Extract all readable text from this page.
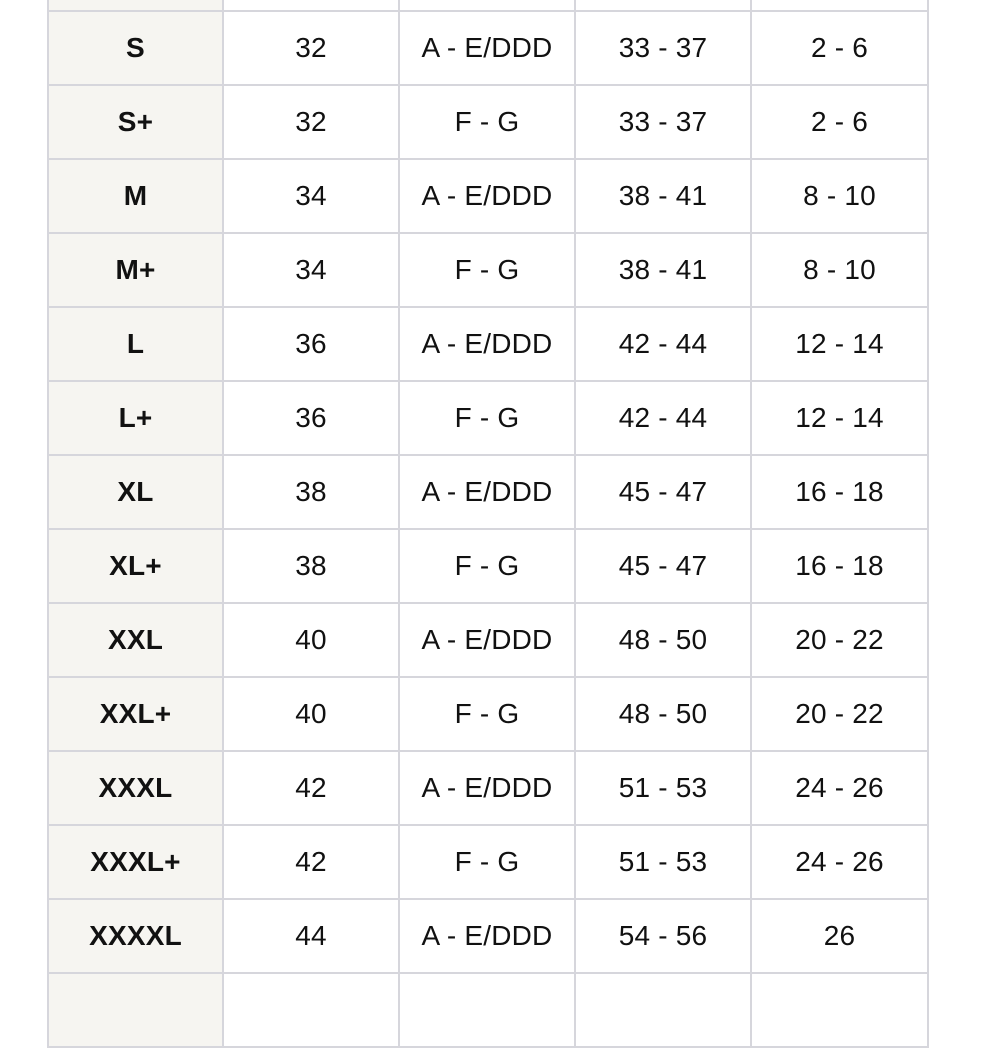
S	32	A - E/DDD	33 - 37	2 - 6
S+	32	F - G	33 - 37	2 - 6
M	34	A - E/DDD	38 - 41	8 - 10
M+	34	F - G	38 - 41	8 - 10
L	36	A - E/DDD	42 - 44	12 - 14
L+	36	F - G	42 - 44	12 - 14
XL	38	A - E/DDD	45 - 47	16 - 18
XL+	38	F - G	45 - 47	16 - 18
XXL	40	A - E/DDD	48 - 50	20 - 22
XXL+	40	F - G	48 - 50	20 - 22
XXXL	42	A - E/DDD	51 - 53	24 - 26
XXXL+	42	F - G	51 - 53	24 - 26
XXXXL	44	A - E/DDD	54 - 56	26
